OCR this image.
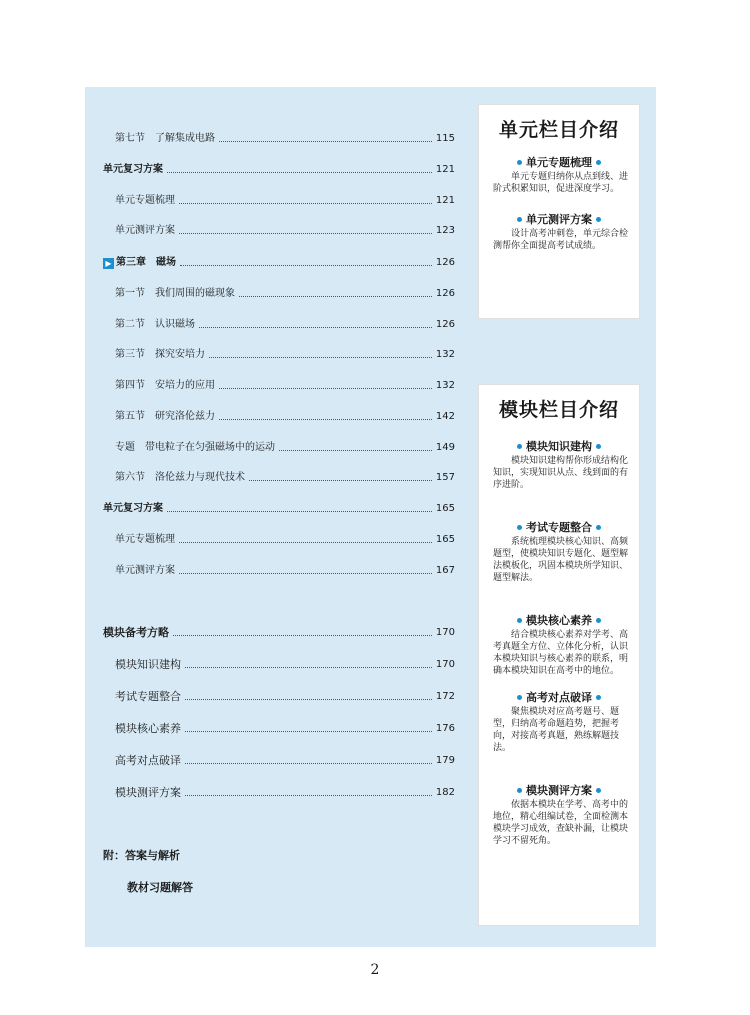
第七节　了解集成电路	115
单元复习方案	121
单元专题梳理	121
单元测评方案	123
▶ 第三章　磁场	126
第一节　我们周围的磁现象	126
第二节　认识磁场	126
第三节　探究安培力	132
第四节　安培力的应用	132
第五节　研究洛伦兹力	142
专题　带电粒子在匀强磁场中的运动	149
第六节　洛伦兹力与现代技术	157
单元复习方案	165
单元专题梳理	165
单元测评方案	167
模块备考方略	170
模块知识建构	170
考试专题整合	172
模块核心素养	176
高考对点破译	179
模块测评方案	182
附：答案与解析
教材习题解答
单元栏目介绍
单元专题梳理
单元专题归纳你从点到线、进阶式积累知识，促进深度学习。
单元测评方案
设计高考冲刺卷，单元综合检测帮你全面提高考试成绩。
模块栏目介绍
模块知识建构
模块知识建构帮你形成结构化知识，实现知识从点、线到面的有序进阶。
考试专题整合
系统梳理模块核心知识、高频题型，使模块知识专题化、题型解法模板化，巩固本模块所学知识、题型解法。
模块核心素养
结合模块核心素养对学考、高考真题全方位、立体化分析，认识本模块知识与核心素养的联系，明确本模块知识在高考中的地位。
高考对点破译
聚焦模块对应高考题号、题型，归纳高考命题趋势，把握考向，对接高考真题，熟练解题技法。
模块测评方案
依据本模块在学考、高考中的地位，精心组编试卷，全面检测本模块学习成效，查缺补漏，让模块学习不留死角。
2
